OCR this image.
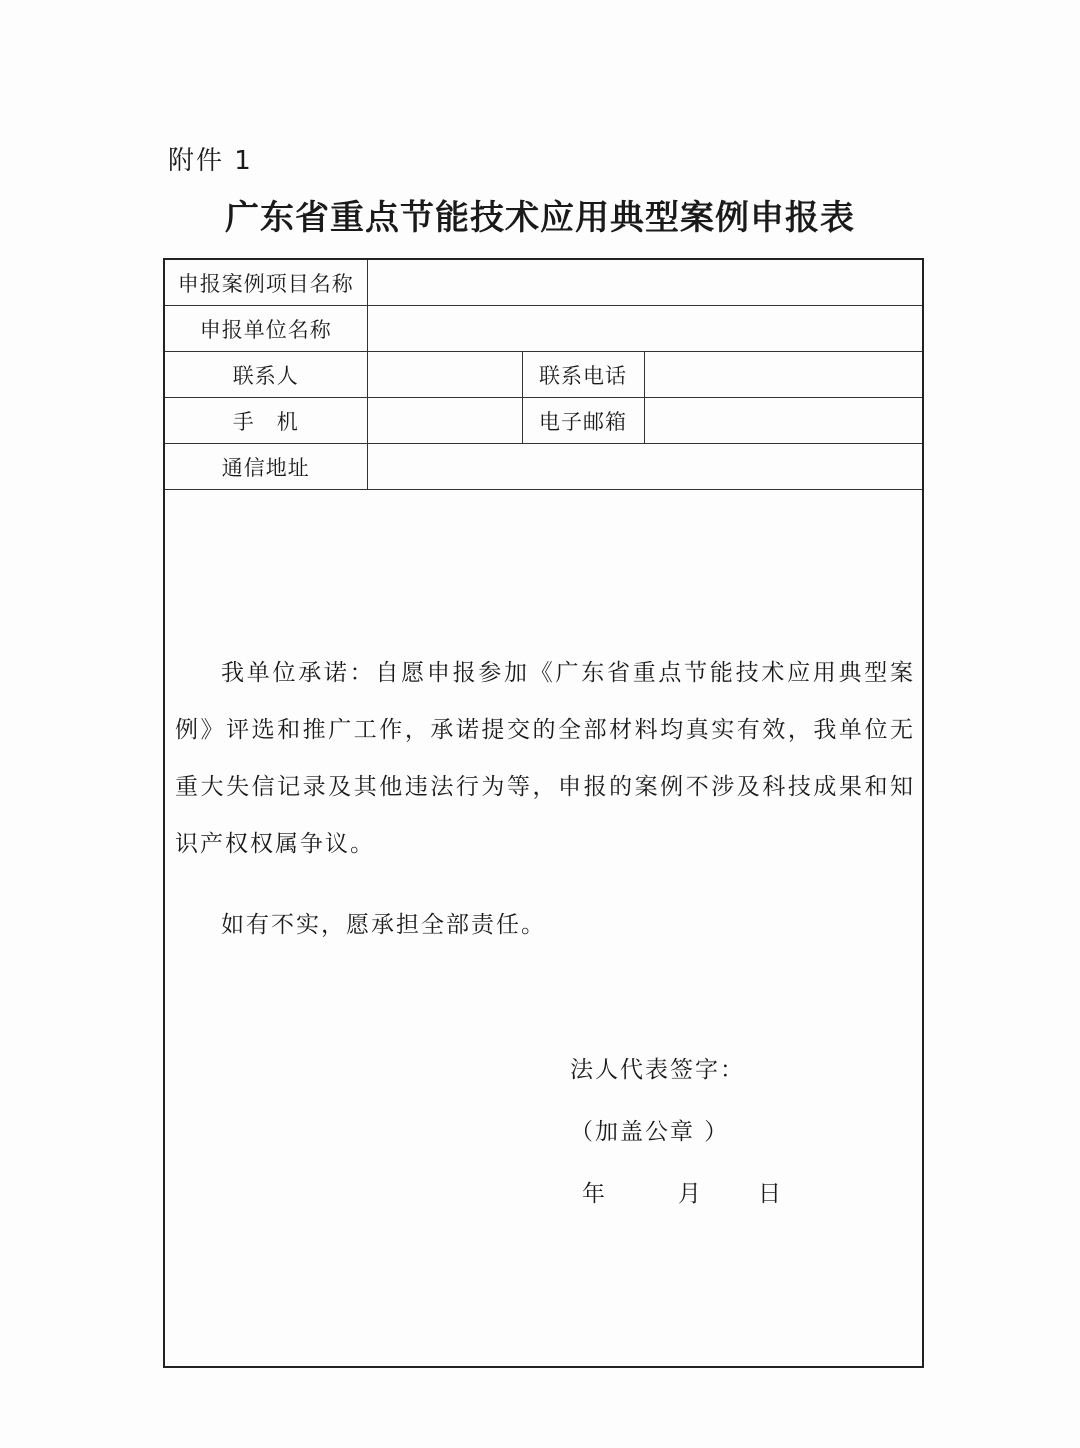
附件 1
广东省重点节能技术应用典型案例申报表
申报案例项目名称			
申报单位名称			
联系人		联系电话	
手　机		电子邮箱	
通信地址			

我单位承诺：自愿申报参加《广东省重点节能技术应用典型案例》评选和推广工作，承诺提交的全部材料均真实有效，我单位无重大失信记录及其他违法行为等，申报的案例不涉及科技成果和知识产权权属争议。

如有不实，愿承担全部责任。

法人代表签字：
（加盖公章 ）
年	月	日
